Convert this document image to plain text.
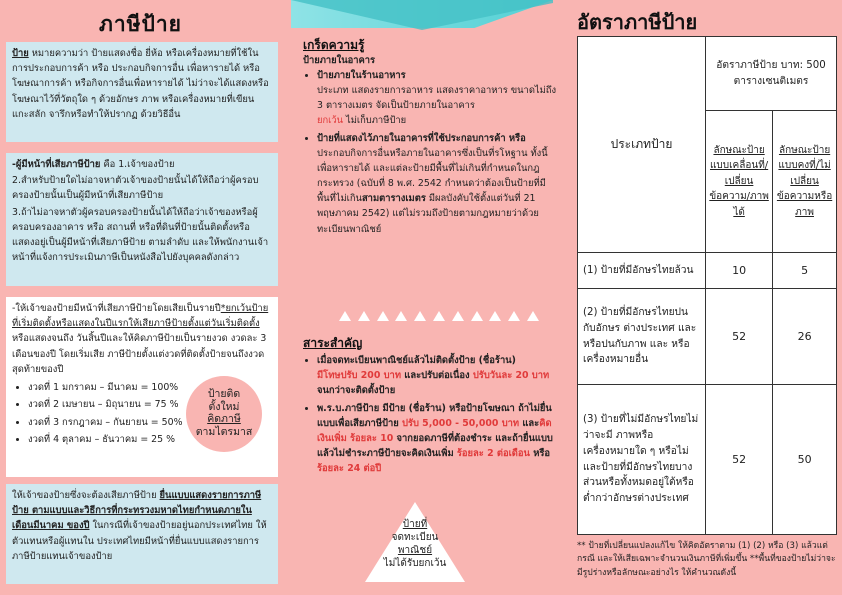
ภาษีป้าย
ป้าย หมายความว่า ป้ายแสดงชื่อ ยี่ห้อ หรือเครื่องหมายที่ใช้ในการประกอบการค้า หรือ ประกอบกิจการอื่น เพื่อหารายได้ หรือโฆษณาการค้า หรือกิจการอื่นเพื่อหารายได้ ไม่ว่าจะได้แสดงหรือโฆษณาไว้ที่วัตถุใด ๆ ด้วยอักษร ภาพ หรือเครื่องหมายที่เขียน แกะสลัก จารึกหรือทำให้ปรากฏ ด้วยวิธีอื่น

-ผู้มีหน้าที่เสียภาษีป้าย คือ 1.เจ้าของป้าย

2.สำหรับป้ายใดไม่อาจหาตัวเจ้าของป้ายนั้นได้ให้ถือว่าผู้ครอบครองป้ายนั้นเป็นผู้มีหน้าที่เสียภาษีป้าย

3.ถ้าไม่อาจหาตัวผู้ครอบครองป้ายนั้นได้ให้ถือว่าเจ้าของหรือผู้ครอบครองอาคาร หรือ สถานที่ หรือที่ดินที่ป้ายนั้นติดตั้งหรือแสดงอยู่เป็นผู้มีหน้าที่เสียภาษีป้าย ตามลำดับ และให้พนักงานเจ้าหน้าที่แจ้งการประเมินภาษีเป็นหนังสือไปยังบุคคลดังกล่าว

-ให้เจ้าของป้ายมีหน้าที่เสียภาษีป้ายโดยเสียเป็นรายปี*ยกเว้นป้ายที่เริ่มติดตั้งหรือแสดงในปีแรกให้เสียภาษีป้ายตั้งแต่วันเริ่มติดตั้งหรือแสดงจนถึง วันสิ้นปีและให้คิดภาษีป้ายเป็นรายงวด งวดละ 3 เดือนของปี โดยเริ่มเสีย ภาษีป้ายตั้งแต่งวดที่ติดตั้งป้ายจนถึงงวดสุดท้ายของปี
• งวดที่ 1 มกราคม – มีนาคม = 100%
• งวดที่ 2 เมษายน – มิถุนายน = 75 %
• งวดที่ 3 กรกฎาคม – กันยายน = 50%
• งวดที่ 4 ตุลาคม – ธันวาคม = 25 %
ป้ายติด
ตั้งใหม่
คิดภาษี
ตามไตรมาส
ให้เจ้าของป้ายซึ่งจะต้องเสียภาษีป้าย ยื่นแบบแสดงรายการภาษีป้าย ตามแบบและวิธีการที่กระทรวงมหาดไทยกำหนดภายในเดือนมีนาคม ของปี ในกรณีที่เจ้าของป้ายอยู่นอกประเทศไทย ให้ตัวแทนหรือผู้แทนใน ประเทศไทยมีหน้าที่ยื่นแบบแสดงรายการภาษีป้ายแทนเจ้าของป้าย
เกร็ดความรู้
ป้ายภายในอาคาร
• ป้ายภายในร้านอาหาร
ประเภท แสดงรายการอาหาร แสดงราคาอาหาร ขนาดไม่ถึง 3 ตารางเมตร จัดเป็นป้ายภายในอาคาร
ยกเว้น ไม่เก็บภาษีป้าย
• ป้ายที่แสดงไว้ภายในอาคารที่ใช้ประกอบการค้า หรือ
ประกอบกิจการอื่นหรือภายในอาคารซึ่งเป็นที่รโหฐาน ทั้งนี้เพื่อหารายได้ และแต่ละป้ายมีพื้นที่ไม่เกินที่กำหนดในกฎกระทรวง (ฉบับที่ 8 พ.ศ. 2542 กำหนดว่าต้องเป็นป้ายที่มีพื้นที่ไม่เกินสามตารางเมตร มีผลบังคับใช้ตั้งแต่วันที่ 21 พฤษภาคม 2542) แต่ไม่รวมถึงป้ายตามกฎหมายว่าด้วยทะเบียนพาณิชย์
สาระสำคัญ
• เมื่อจดทะเบียนพาณิชย์แล้วไม่ติดตั้งป้าย (ชื่อร้าน)
มีโทษปรับ 200 บาท และปรับต่อเนื่อง ปรับวันละ 20 บาท จนกว่าจะติดตั้งป้าย
• พ.ร.บ.ภาษีป้าย มีป้าย (ชื่อร้าน) หรือป้ายโฆษณา ถ้าไม่ยื่นแบบเพื่อเสียภาษีป้าย ปรับ 5,000 - 50,000 บาท และคิดเงินเพิ่ม ร้อยละ 10 จากยอดภาษีที่ต้องชำระ และถ้ายื่นแบบแล้วไม่ชำระภาษีป้ายจะคิดเงินเพิ่ม ร้อยละ 2 ต่อเดือน หรือ ร้อยละ 24 ต่อปี
ป้ายที่
จดทะเบียน
พาณิชย์
ไม่ได้รับยกเว้น
อัตราภาษีป้าย
ประเภทป้าย	อัตราภาษีป้าย บาท: 500 ตารางเซนติเมตร	
	ลักษณะป้ายแบบเคลื่อนที่/เปลี่ยนข้อความ/ภาพได้	ลักษณะป้ายแบบคงที่/ไม่เปลี่ยนข้อความหรือภาพ
(1) ป้ายที่มีอักษรไทยล้วน	10	5
(2) ป้ายที่มีอักษรไทยปนกับอักษร ต่างประเทศ และหรือปนกับภาพ และ หรือเครื่องหมายอื่น	52	26
(3) ป้ายที่ไม่มีอักษรไทยไม่ว่าจะมี ภาพหรือเครื่องหมายใด ๆ หรือไม่ และป้ายที่มีอักษรไทยบางส่วนหรือทั้งหมดอยู่ใต้หรือต่ำกว่าอักษรต่างประเทศ	52	50
** ป้ายที่เปลี่ยนแปลงแก้ไข ให้คิดอัตราตาม (1) (2) หรือ (3) แล้วแต่กรณี และให้เสียเฉพาะจำนวนเงินภาษีที่เพิ่มขึ้น **พื้นที่ของป้ายไม่ว่าจะมีรูปร่างหรือลักษณะอย่างไร ให้คำนวณดังนี้
